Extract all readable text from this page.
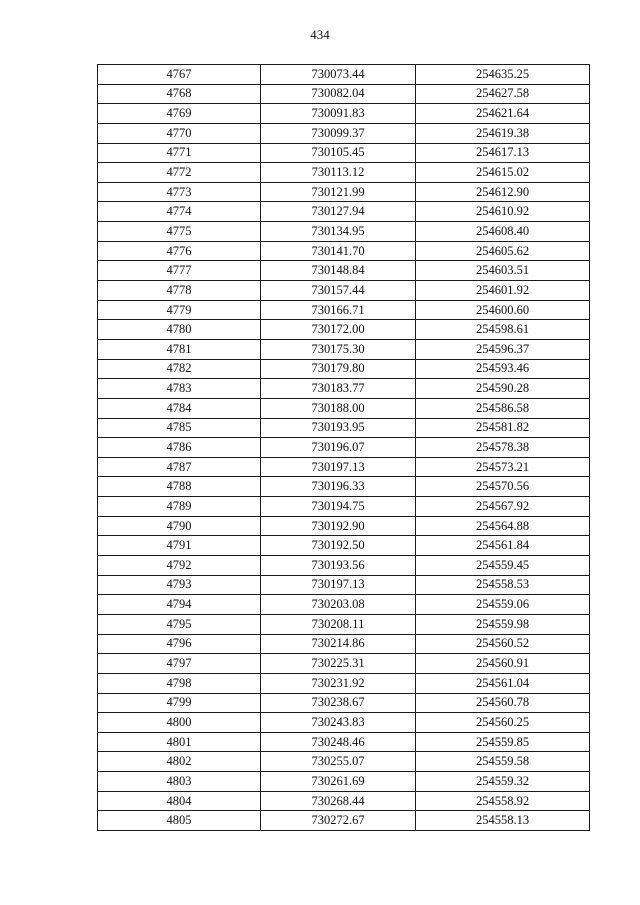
434
4767	730073.44	254635.25
4768	730082.04	254627.58
4769	730091.83	254621.64
4770	730099.37	254619.38
4771	730105.45	254617.13
4772	730113.12	254615.02
4773	730121.99	254612.90
4774	730127.94	254610.92
4775	730134.95	254608.40
4776	730141.70	254605.62
4777	730148.84	254603.51
4778	730157.44	254601.92
4779	730166.71	254600.60
4780	730172.00	254598.61
4781	730175.30	254596.37
4782	730179.80	254593.46
4783	730183.77	254590.28
4784	730188.00	254586.58
4785	730193.95	254581.82
4786	730196.07	254578.38
4787	730197.13	254573.21
4788	730196.33	254570.56
4789	730194.75	254567.92
4790	730192.90	254564.88
4791	730192.50	254561.84
4792	730193.56	254559.45
4793	730197.13	254558.53
4794	730203.08	254559.06
4795	730208.11	254559.98
4796	730214.86	254560.52
4797	730225.31	254560.91
4798	730231.92	254561.04
4799	730238.67	254560.78
4800	730243.83	254560.25
4801	730248.46	254559.85
4802	730255.07	254559.58
4803	730261.69	254559.32
4804	730268.44	254558.92
4805	730272.67	254558.13
